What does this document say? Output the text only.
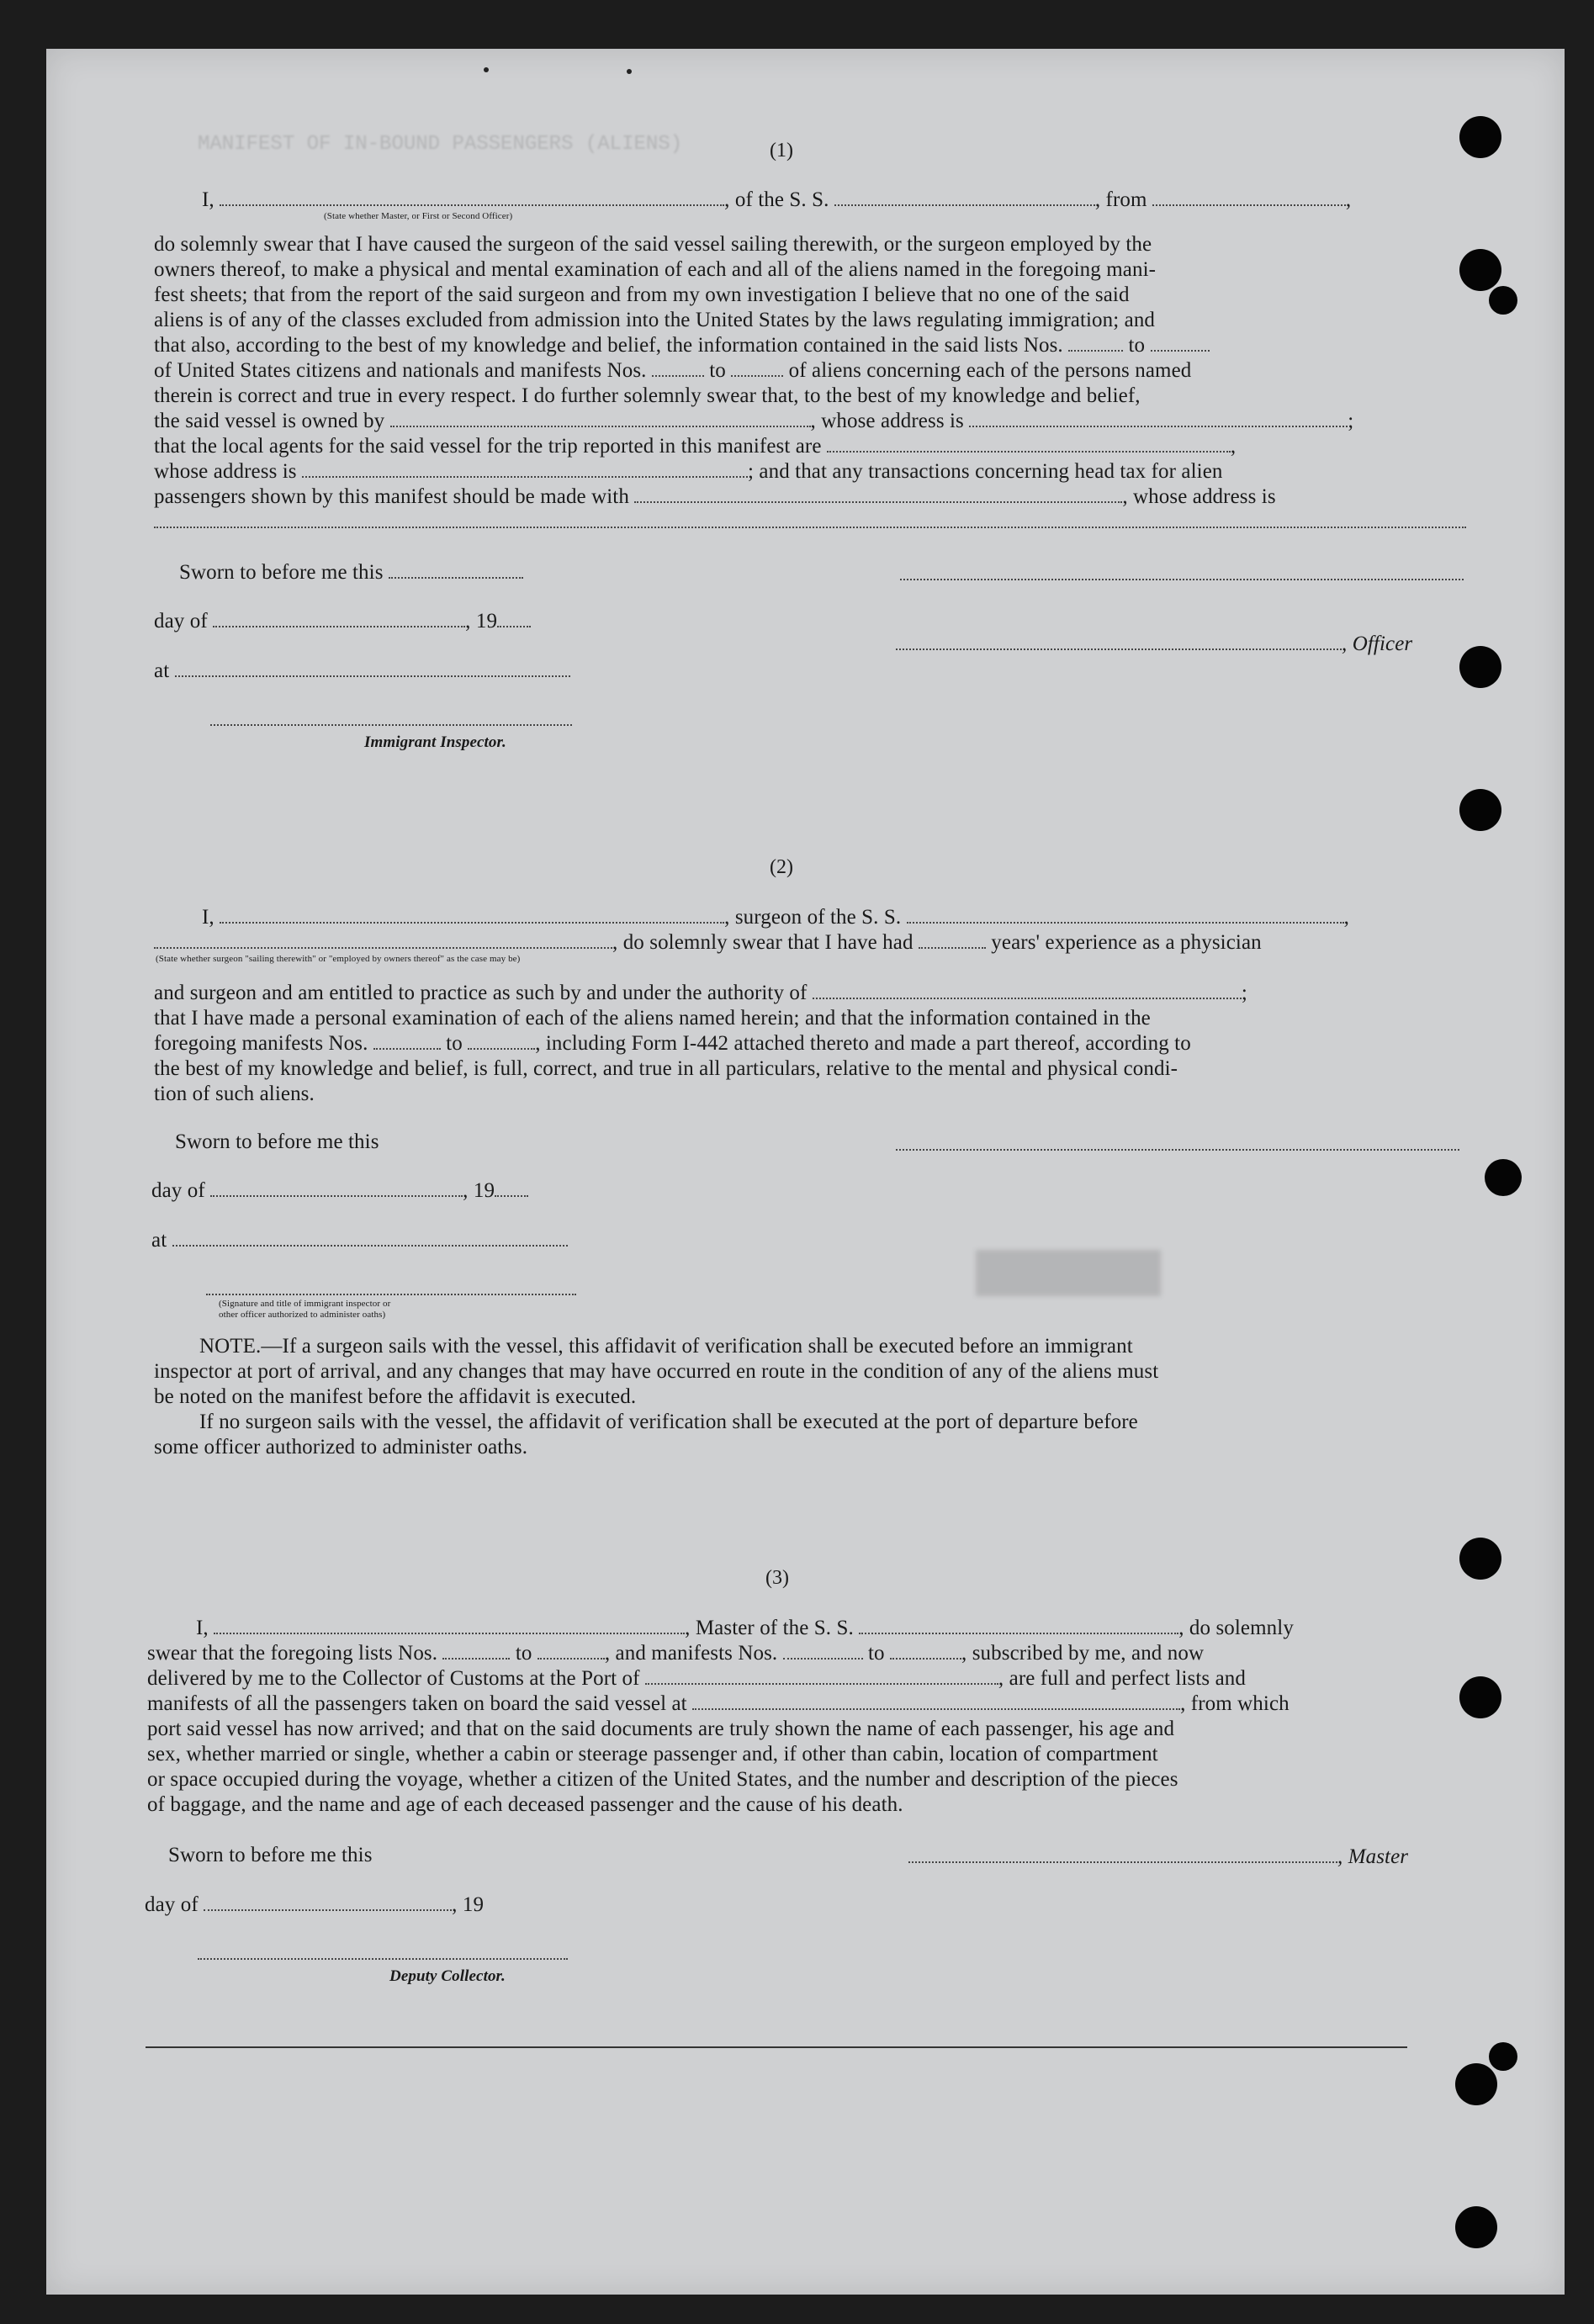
MANIFEST OF IN-BOUND PASSENGERS (ALIENS)	(1)
I,	, of the S. S.	, from	,
(State whether Master, or First or Second Officer)
do solemnly swear that I have caused the surgeon of the said vessel sailing therewith, or the surgeon employed by the
owners thereof, to make a physical and mental examination of each and all of the aliens named in the foregoing mani-
fest sheets; that from the report of the said surgeon and from my own investigation I believe that no one of the said
aliens is of any of the classes excluded from admission into the United States by the laws regulating immigration; and
that also, according to the best of my knowledge and belief, the information contained in the said lists Nos.	to
of United States citizens and nationals and manifests Nos.	to	of aliens concerning each of the persons named
therein is correct and true in every respect. I do further solemnly swear that, to the best of my knowledge and belief,
the said vessel is owned by	, whose address is	;
that the local agents for the said vessel for the trip reported in this manifest are	,
whose address is	; and that any transactions concerning head tax for alien
passengers shown by this manifest should be made with	, whose address is
Sworn to before me this
day of	, 19
, Officer
at
Immigrant Inspector.
(2)
I,	, surgeon of the S. S.	,
, do solemnly swear that I have had	years' experience as a physician
(State whether surgeon "sailing therewith" or "employed by owners thereof" as the case may be)
and surgeon and am entitled to practice as such by and under the authority of	;
that I have made a personal examination of each of the aliens named herein; and that the information contained in the
foregoing manifests Nos.	to	, including Form I-442 attached thereto and made a part thereof, according to
the best of my knowledge and belief, is full, correct, and true in all particulars, relative to the mental and physical condi-
tion of such aliens.
Sworn to before me this
day of	, 19
at
(Signature and title of immigrant inspector or
other officer authorized to administer oaths)
NOTE.—If a surgeon sails with the vessel, this affidavit of verification shall be executed before an immigrant
inspector at port of arrival, and any changes that may have occurred en route in the condition of any of the aliens must
be noted on the manifest before the affidavit is executed.
If no surgeon sails with the vessel, the affidavit of verification shall be executed at the port of departure before
some officer authorized to administer oaths.
(3)
I,	, Master of the S. S.	, do solemnly
swear that the foregoing lists Nos.	to	, and manifests Nos.	to	, subscribed by me, and now
delivered by me to the Collector of Customs at the Port of	, are full and perfect lists and
manifests of all the passengers taken on board the said vessel at	, from which
port said vessel has now arrived; and that on the said documents are truly shown the name of each passenger, his age and
sex, whether married or single, whether a cabin or steerage passenger and, if other than cabin, location of compartment
or space occupied during the voyage, whether a citizen of the United States, and the number and description of the pieces
of baggage, and the name and age of each deceased passenger and the cause of his death.
Sworn to before me this	, Master
day of	, 19
Deputy Collector.
